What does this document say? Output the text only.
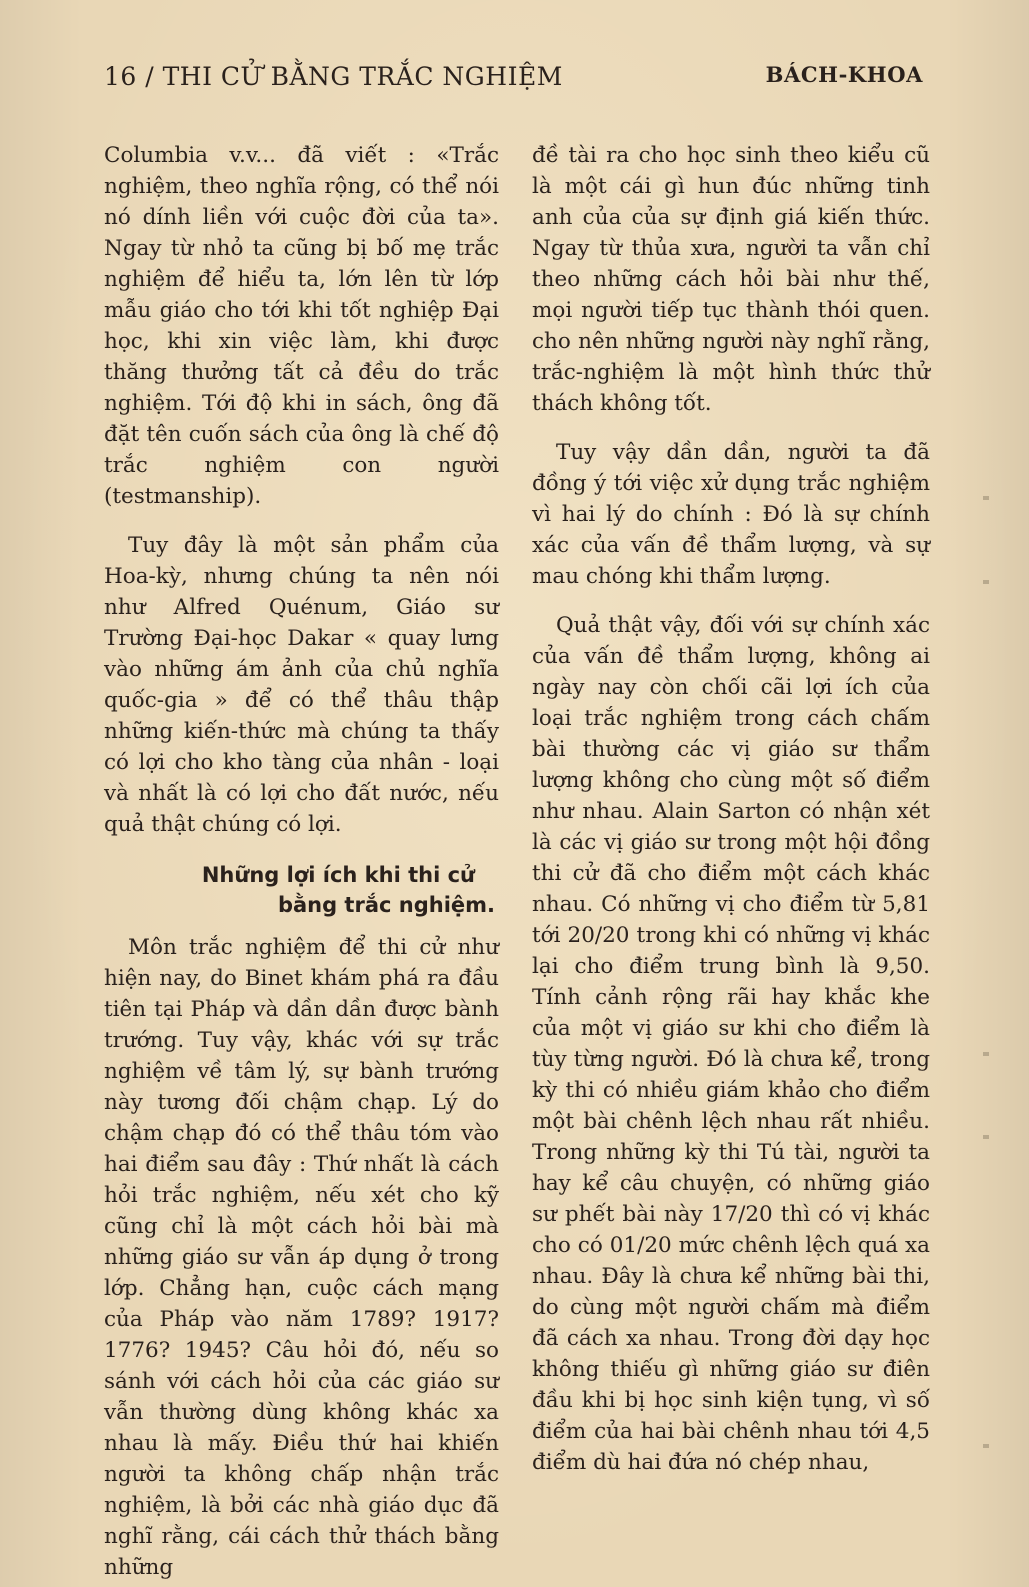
16 / THI CỬ BẰNG TRẮC NGHIỆM	BÁCH-KHOA

Columbia v.v... đã viết : «Trắc nghiệm, theo nghĩa rộng, có thể nói nó dính liền với cuộc đời của ta». Ngay từ nhỏ ta cũng bị bố mẹ trắc nghiệm để hiểu ta, lớn lên từ lớp mẫu giáo cho tới khi tốt nghiệp Đại học, khi xin việc làm, khi được thăng thưởng tất cả đều do trắc nghiệm. Tới độ khi in sách, ông đã đặt tên cuốn sách của ông là chế độ trắc nghiệm con người (testmanship).

Tuy đây là một sản phẩm của Hoa-kỳ, nhưng chúng ta nên nói như Alfred Quénum, Giáo sư Trường Đại-học Dakar « quay lưng vào những ám ảnh của chủ nghĩa quốc-gia » để có thể thâu thập những kiến-thức mà chúng ta thấy có lợi cho kho tàng của nhân - loại và nhất là có lợi cho đất nước, nếu quả thật chúng có lợi.

Những lợi ích khi thi cử
bằng trắc nghiệm.

Môn trắc nghiệm để thi cử như hiện nay, do Binet khám phá ra đầu tiên tại Pháp và dần dần được bành trướng. Tuy vậy, khác với sự trắc nghiệm về tâm lý, sự bành trướng này tương đối chậm chạp. Lý do chậm chạp đó có thể thâu tóm vào hai điểm sau đây : Thứ nhất là cách hỏi trắc nghiệm, nếu xét cho kỹ cũng chỉ là một cách hỏi bài mà những giáo sư vẫn áp dụng ở trong lớp. Chẳng hạn, cuộc cách mạng của Pháp vào năm 1789? 1917? 1776? 1945? Câu hỏi đó, nếu so sánh với cách hỏi của các giáo sư vẫn thường dùng không khác xa nhau là mấy. Điều thứ hai khiến người ta không chấp nhận trắc nghiệm, là bởi các nhà giáo dục đã nghĩ rằng, cái cách thử thách bằng những

đề tài ra cho học sinh theo kiểu cũ là một cái gì hun đúc những tinh anh của của sự định giá kiến thức. Ngay từ thủa xưa, người ta vẫn chỉ theo những cách hỏi bài như thế, mọi người tiếp tục thành thói quen. cho nên những người này nghĩ rằng, trắc-nghiệm là một hình thức thử thách không tốt.

Tuy vậy dần dần, người ta đã đồng ý tới việc xử dụng trắc nghiệm vì hai lý do chính : Đó là sự chính xác của vấn đề thẩm lượng, và sự mau chóng khi thẩm lượng.

Quả thật vậy, đối với sự chính xác của vấn đề thẩm lượng, không ai ngày nay còn chối cãi lợi ích của loại trắc nghiệm trong cách chấm bài thường các vị giáo sư thẩm lượng không cho cùng một số điểm như nhau. Alain Sarton có nhận xét là các vị giáo sư trong một hội đồng thi cử đã cho điểm một cách khác nhau. Có những vị cho điểm từ 5,81 tới 20/20 trong khi có những vị khác lại cho điểm trung bình là 9,50. Tính cảnh rộng rãi hay khắc khe của một vị giáo sư khi cho điểm là tùy từng người. Đó là chưa kể, trong kỳ thi có nhiều giám khảo cho điểm một bài chênh lệch nhau rất nhiều. Trong những kỳ thi Tú tài, người ta hay kể câu chuyện, có những giáo sư phết bài này 17/20 thì có vị khác cho có 01/20 mức chênh lệch quá xa nhau. Đây là chưa kể những bài thi, do cùng một người chấm mà điểm đã cách xa nhau. Trong đời dạy học không thiếu gì những giáo sư điên đầu khi bị học sinh kiện tụng, vì số điểm của hai bài chênh nhau tới 4,5 điểm dù hai đứa nó chép nhau,
